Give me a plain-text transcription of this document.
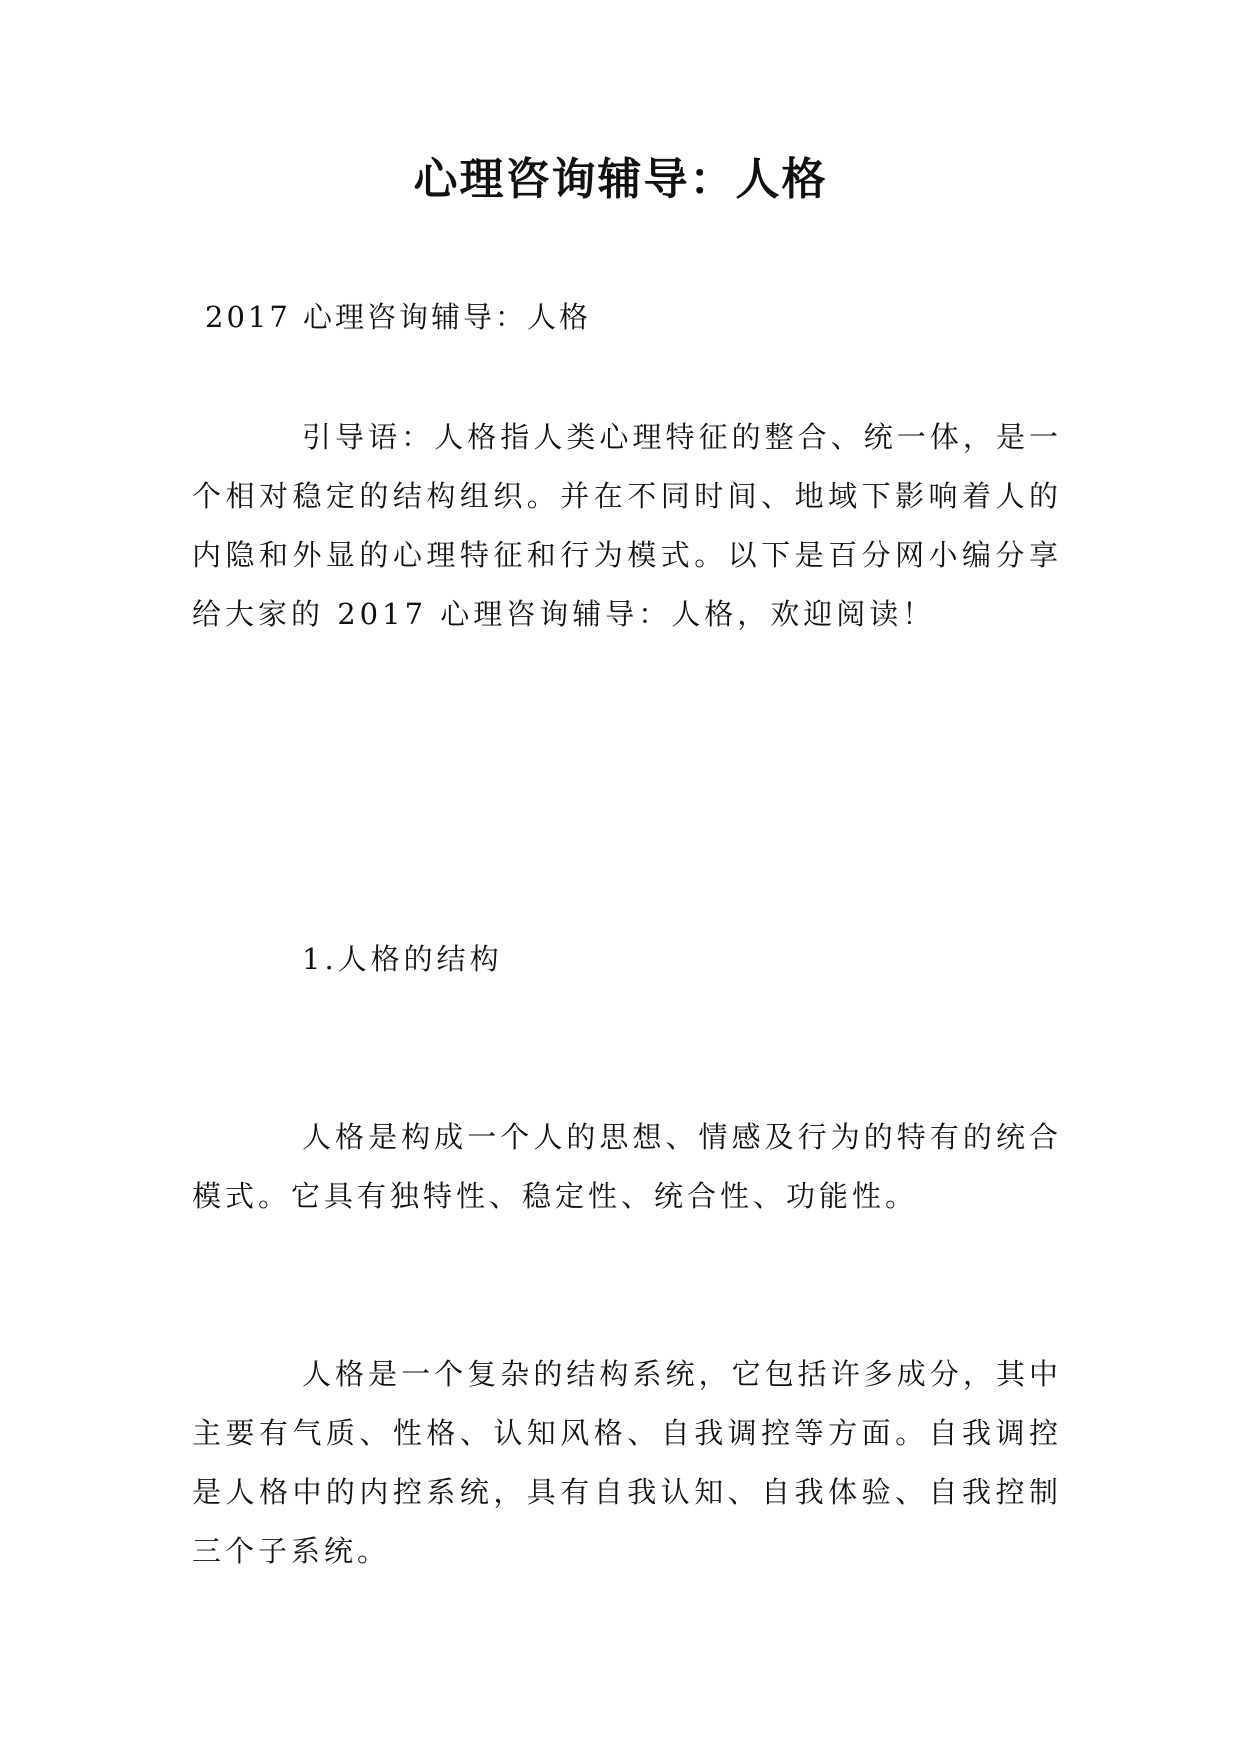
心理咨询辅导：人格
2017 心理咨询辅导：人格

引导语：人格指人类心理特征的整合、统一体，是一个相对稳定的结构组织。并在不同时间、地域下影响着人的内隐和外显的心理特征和行为模式。以下是百分网小编分享给大家的 2017 心理咨询辅导：人格，欢迎阅读！

1.人格的结构

人格是构成一个人的思想、情感及行为的特有的统合模式。它具有独特性、稳定性、统合性、功能性。

人格是一个复杂的结构系统，它包括许多成分，其中主要有气质、性格、认知风格、自我调控等方面。自我调控是人格中的内控系统，具有自我认知、自我体验、自我控制三个子系统。
